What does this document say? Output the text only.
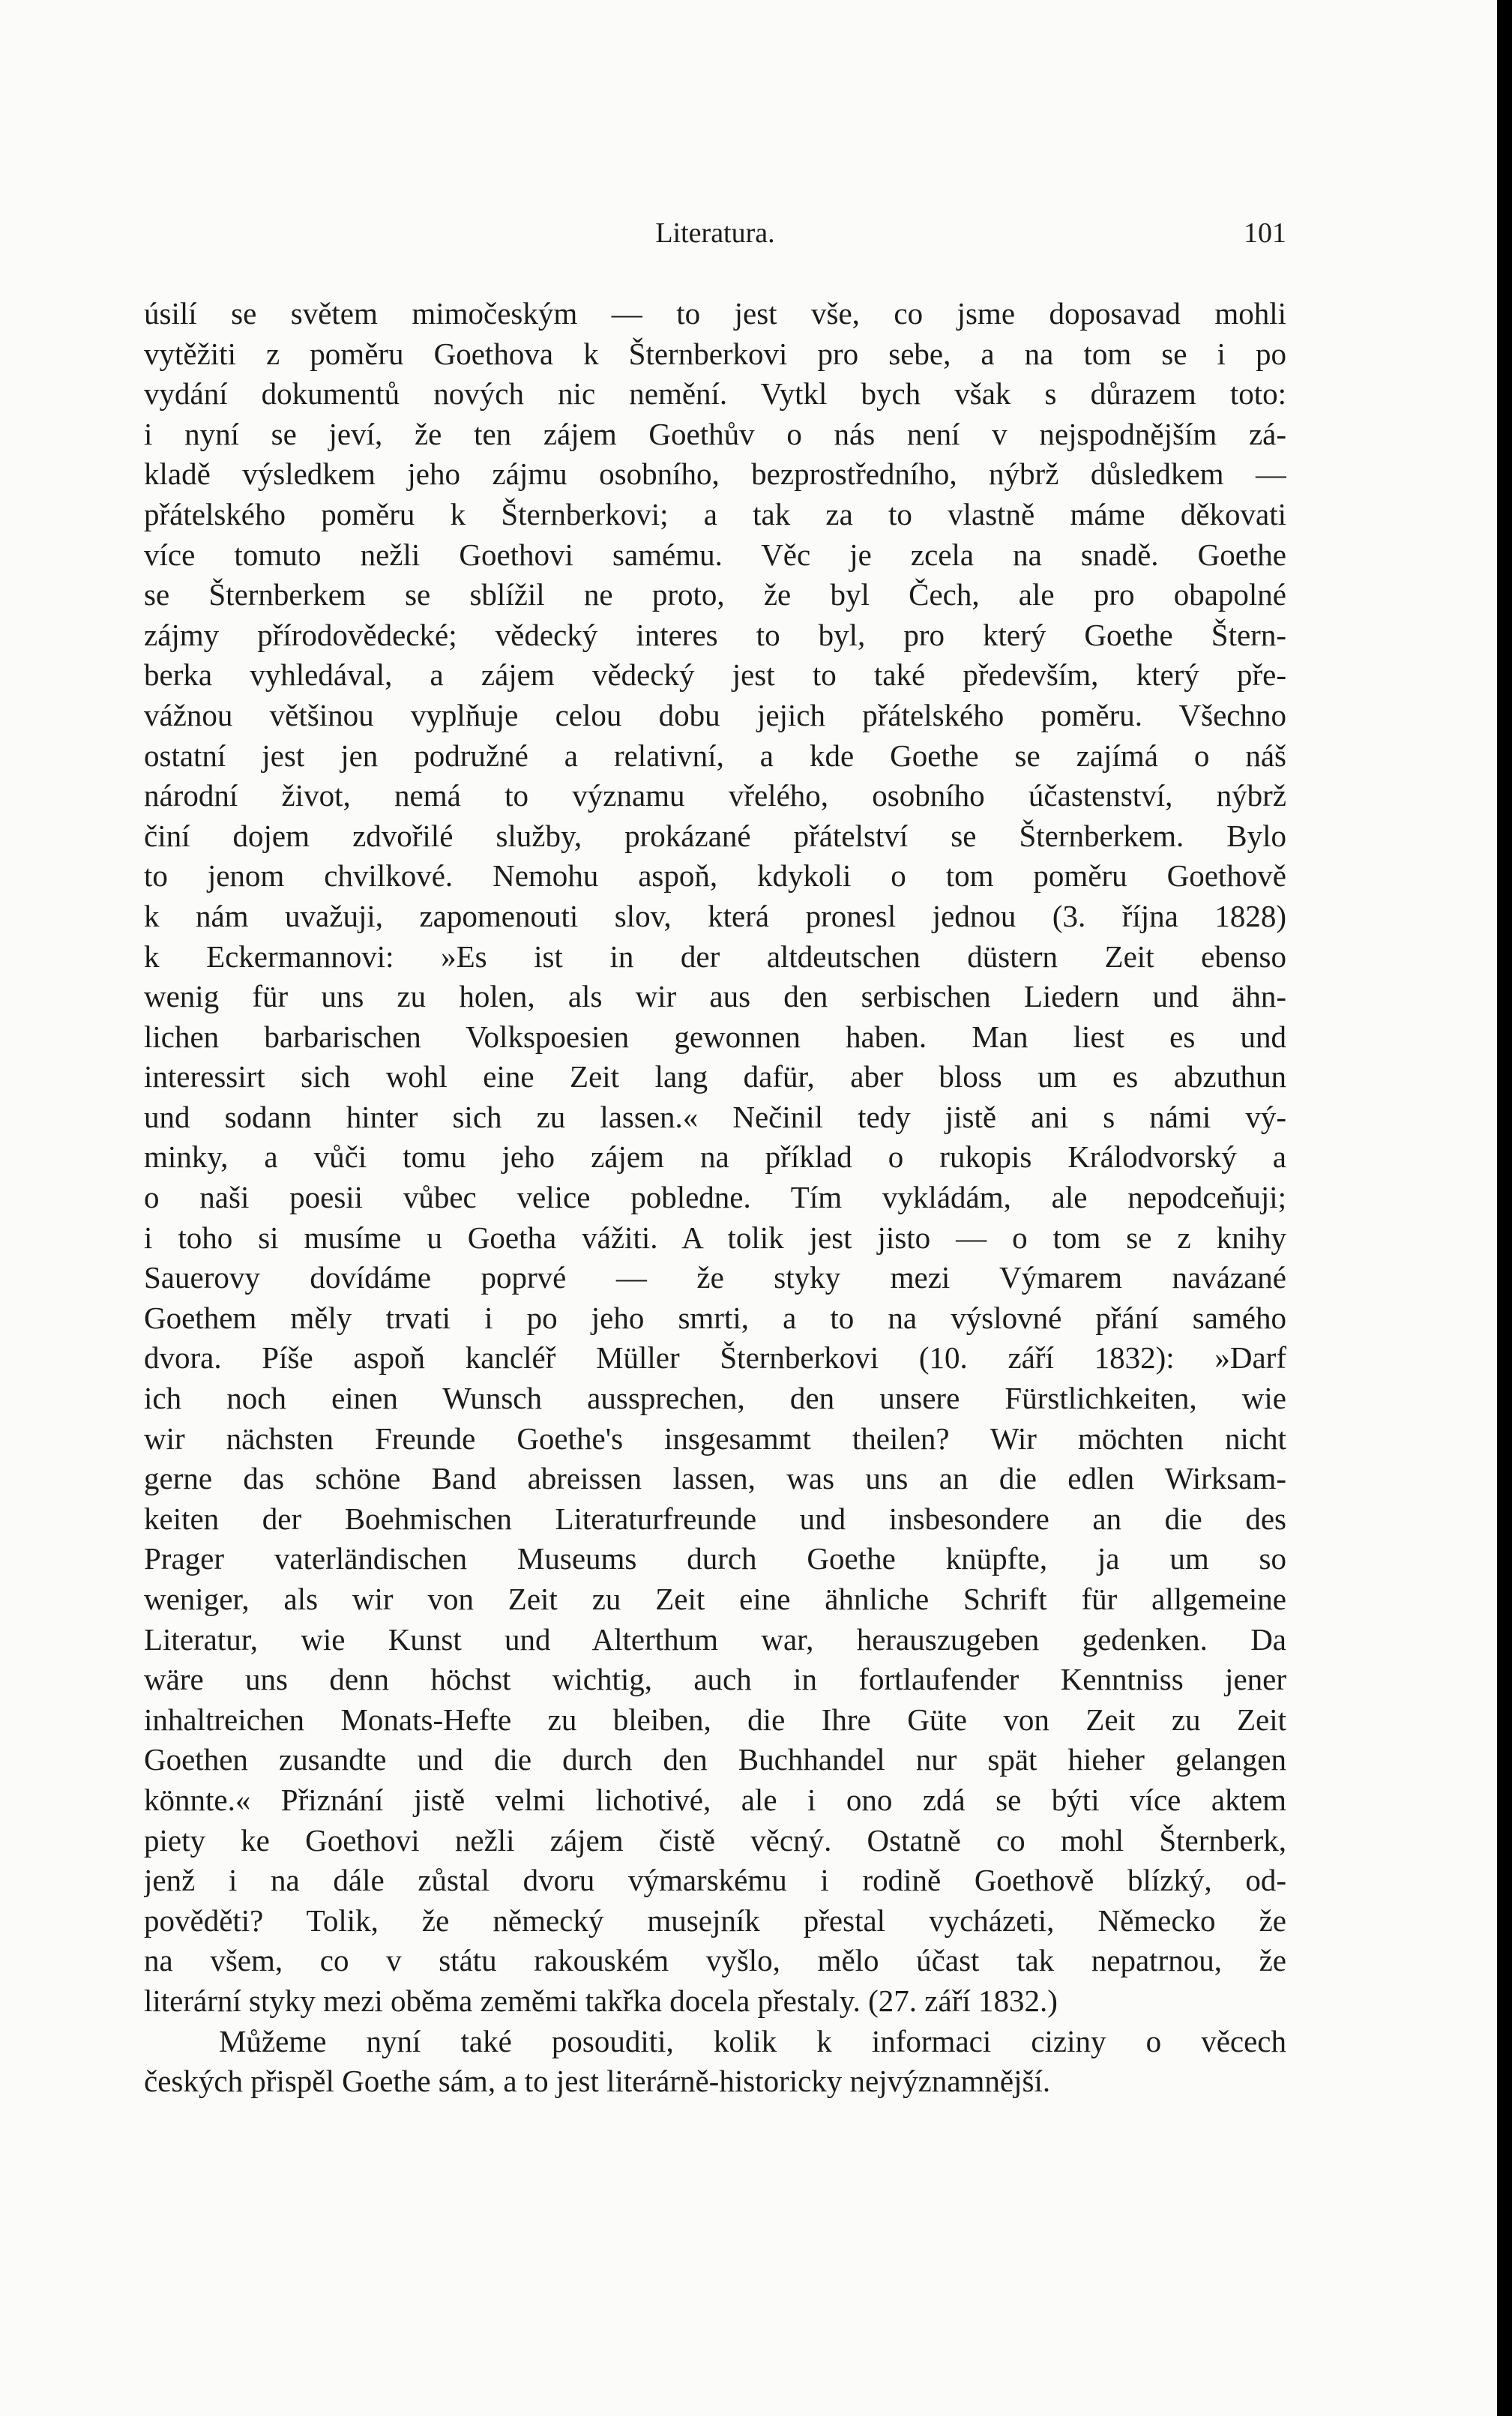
Literatura.	101
úsilí se světem mimočeským — to jest vše, co jsme doposavad mohli
vytěžiti z poměru Goethova k Šternberkovi pro sebe, a na tom se i po
vydání dokumentů nových nic nemění. Vytkl bych však s důrazem toto:
i nyní se jeví, že ten zájem Goethův o nás není v nejspodnějším zá-
kladě výsledkem jeho zájmu osobního, bezprostředního, nýbrž důsledkem —
přátelského poměru k Šternberkovi; a tak za to vlastně máme děkovati
více tomuto nežli Goethovi samému. Věc je zcela na snadě. Goethe
se Šternberkem se sblížil ne proto, že byl Čech, ale pro obapolné
zájmy přírodovědecké; vědecký interes to byl, pro který Goethe Štern-
berka vyhledával, a zájem vědecký jest to také především, který pře-
vážnou většinou vyplňuje celou dobu jejich přátelského poměru. Všechno
ostatní jest jen podružné a relativní, a kde Goethe se zajímá o náš
národní život, nemá to významu vřelého, osobního účastenství, nýbrž
činí dojem zdvořilé služby, prokázané přátelství se Šternberkem. Bylo
to jenom chvilkové. Nemohu aspoň, kdykoli o tom poměru Goethově
k nám uvažuji, zapomenouti slov, která pronesl jednou (3. října 1828)
k Eckermannovi: »Es ist in der altdeutschen düstern Zeit ebenso
wenig für uns zu holen, als wir aus den serbischen Liedern und ähn-
lichen barbarischen Volkspoesien gewonnen haben. Man liest es und
interessirt sich wohl eine Zeit lang dafür, aber bloss um es abzuthun
und sodann hinter sich zu lassen.« Nečinil tedy jistě ani s námi vý-
minky, a vůči tomu jeho zájem na příklad o rukopis Králodvorský a
o naši poesii vůbec velice pobledne. Tím vykládám, ale nepodceňuji;
i toho si musíme u Goetha vážiti. A tolik jest jisto — o tom se z knihy
Sauerovy dovídáme poprvé — že styky mezi Výmarem navázané
Goethem měly trvati i po jeho smrti, a to na výslovné přání samého
dvora. Píše aspoň kancléř Müller Šternberkovi (10. září 1832): »Darf
ich noch einen Wunsch aussprechen, den unsere Fürstlichkeiten, wie
wir nächsten Freunde Goethe's insgesammt theilen? Wir möchten nicht
gerne das schöne Band abreissen lassen, was uns an die edlen Wirksam-
keiten der Boehmischen Literaturfreunde und insbesondere an die des
Prager vaterländischen Museums durch Goethe knüpfte, ja um so
weniger, als wir von Zeit zu Zeit eine ähnliche Schrift für allgemeine
Literatur, wie Kunst und Alterthum war, herauszugeben gedenken. Da
wäre uns denn höchst wichtig, auch in fortlaufender Kenntniss jener
inhaltreichen Monats-Hefte zu bleiben, die Ihre Güte von Zeit zu Zeit
Goethen zusandte und die durch den Buchhandel nur spät hieher gelangen
könnte.« Přiznání jistě velmi lichotivé, ale i ono zdá se býti více aktem
piety ke Goethovi nežli zájem čistě věcný. Ostatně co mohl Šternberk,
jenž i na dále zůstal dvoru výmarskému i rodině Goethově blízký, od-
pověděti? Tolik, že německý musejník přestal vycházeti, Německo že
na všem, co v státu rakouském vyšlo, mělo účast tak nepatrnou, že
literární styky mezi oběma zeměmi takřka docela přestaly. (27. září 1832.)
Můžeme nyní také posouditi, kolik k informaci ciziny o věcech
českých přispěl Goethe sám, a to jest literárně-historicky nejvýznamnější.
